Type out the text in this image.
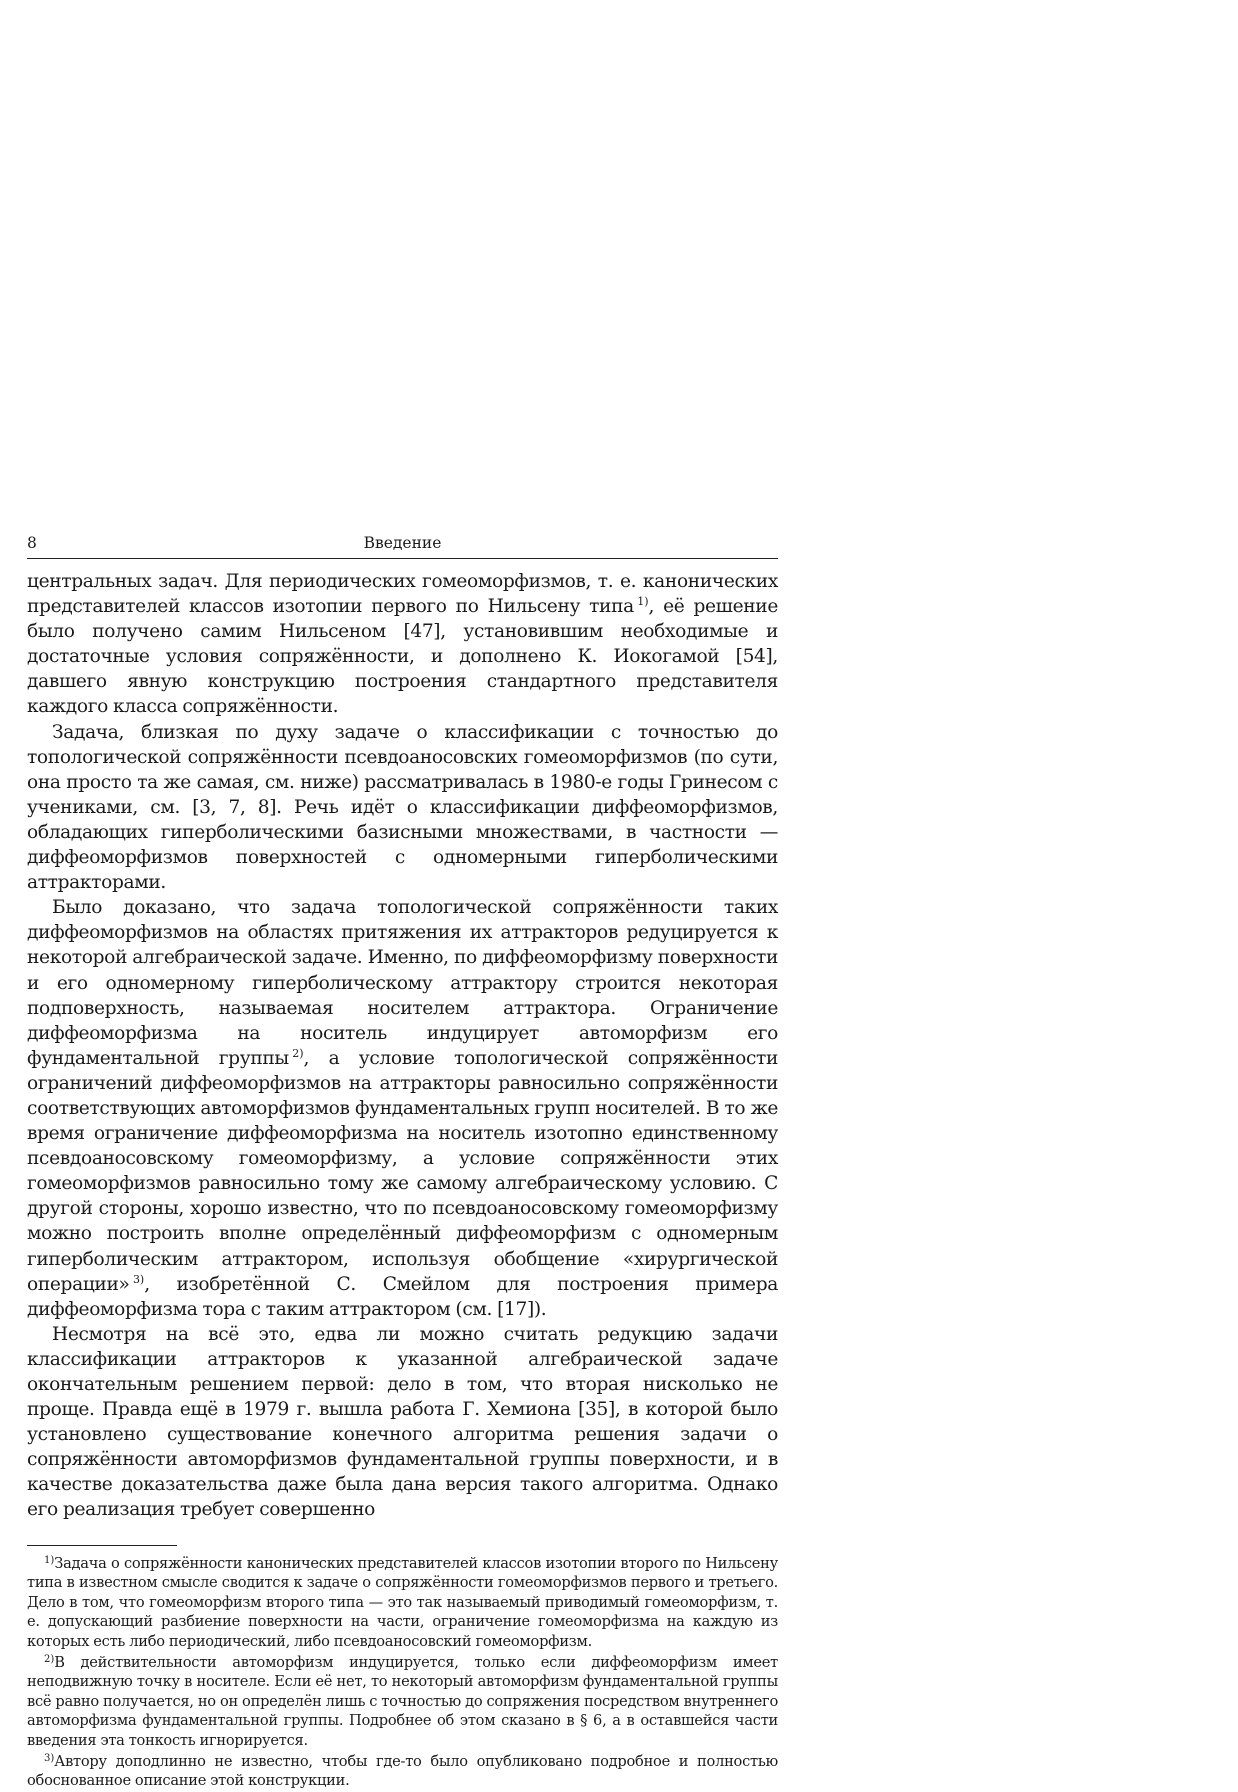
8	Введение

центральных задач. Для периодических гомеоморфизмов, т. е. канонических представителей классов изотопии первого по Нильсену типа  $^{1)}$, её решение было получено самим Нильсеном [47], установившим необходимые и достаточные условия сопряжённости, и дополнено К. Иокогамой [54], давшего явную конструкцию построения стандартного представителя каждого класса сопряжённости.

Задача, близкая по духу задаче о классификации с точностью до топологической сопряжённости псевдоаносовских гомеоморфизмов (по сути, она просто та же самая, см. ниже) рассматривалась в 1980-е годы Гринесом с учениками, см. [3, 7, 8]. Речь идёт о классификации диффеоморфизмов, обладающих гиперболическими базисными множествами, в частности — диффеоморфизмов поверхностей с одномерными гиперболическими аттракторами.

Было доказано, что задача топологической сопряжённости таких диффеоморфизмов на областях притяжения их аттракторов редуцируется к некоторой алгебраической задаче. Именно, по диффеоморфизму поверхности и его одномерному гиперболическому аттрактору строится некоторая подповерхность, называемая носителем аттрактора. Ограничение диффеоморфизма на носитель индуцирует автоморфизм его фундаментальной группы  $^{2)}$, а условие топологической сопряжённости ограничений диффеоморфизмов на аттракторы равносильно сопряжённости соответствующих автоморфизмов фундаментальных групп носителей. В то же время ограничение диффеоморфизма на носитель изотопно единственному псевдоаносовскому гомеоморфизму, а условие сопряжённости этих гомеоморфизмов равносильно тому же самому алгебраическому условию. С другой стороны, хорошо известно, что по псевдоаносовскому гомеоморфизму можно построить вполне определённый диффеоморфизм с одномерным гиперболическим аттрактором, используя обобщение «хирургической операции»  $^{3)}$, изобретённой С. Смейлом для построения примера диффеоморфизма тора с таким аттрактором (см. [17]).

Несмотря на всё это, едва ли можно считать редукцию задачи классификации аттракторов к указанной алгебраической задаче окончательным решением первой: дело в том, что вторая нисколько не проще. Правда ещё в 1979 г. вышла работа Г. Хемиона [35], в которой было установлено существование конечного алгоритма решения задачи о сопряжённости автоморфизмов фундаментальной группы поверхности, и в качестве доказательства даже была дана версия такого алгоритма. Однако его реализация требует совершенно

$^{1)}$Задача о сопряжённости канонических представителей классов изотопии второго по Нильсену типа в известном смысле сводится к задаче о сопряжённости гомеоморфизмов первого и третьего. Дело в том, что гомеоморфизм второго типа — это так называемый приводимый гомеоморфизм, т. е. допускающий разбиение поверхности на части, ограничение гомеоморфизма на каждую из которых есть либо периодический, либо псевдоаносовский гомеоморфизм.

$^{2)}$В действительности автоморфизм индуцируется, только если диффеоморфизм имеет неподвижную точку в носителе. Если её нет, то некоторый автоморфизм фундаментальной группы всё равно получается, но он определён лишь с точностью до сопряжения посредством внутреннего автоморфизма фундаментальной группы. Подробнее об этом сказано в § 6, а в оставшейся части введения эта тонкость игнорируется.

$^{3)}$Автору доподлинно не известно, чтобы где-то было опубликовано подробное и полностью обоснованное описание этой конструкции.
